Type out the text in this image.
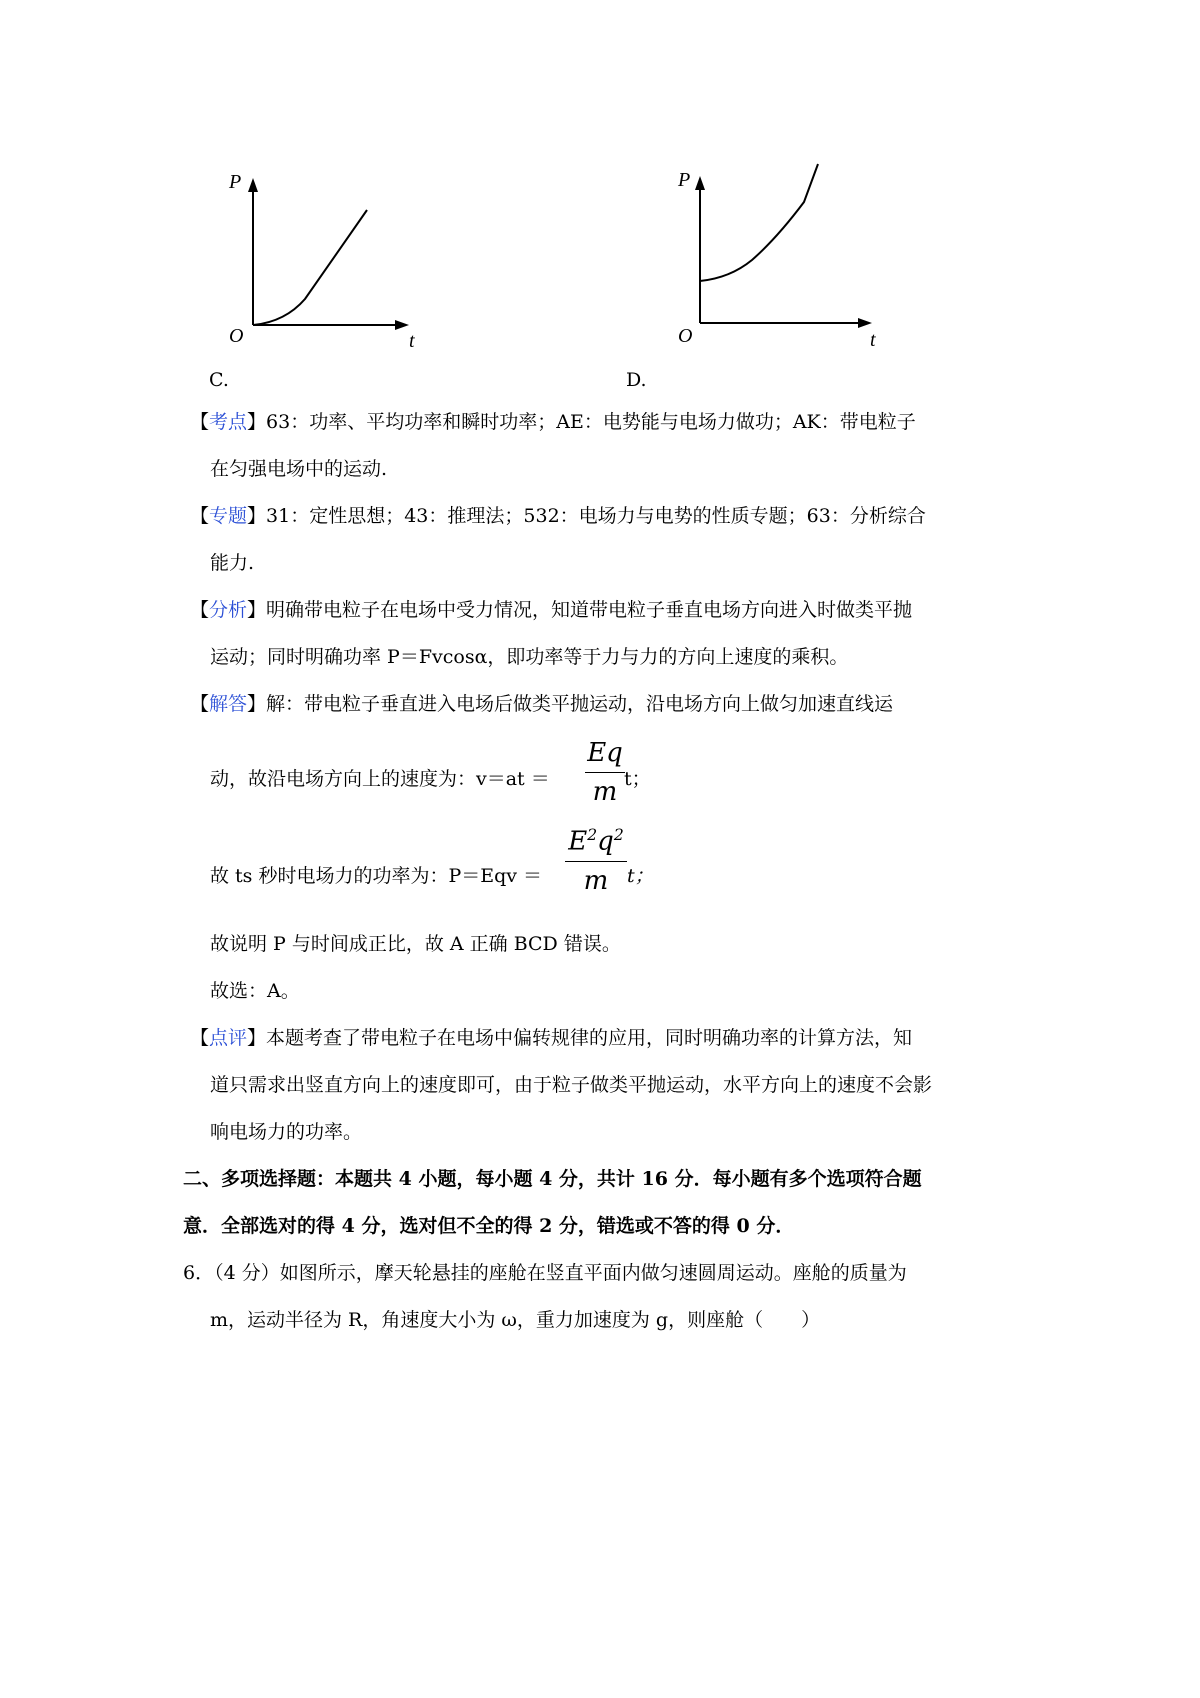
P
t
O
C.
P
t
O
D.
【考点】63：功率、平均功率和瞬时功率；AE：电势能与电场力做功；AK：带电粒子
在匀强电场中的运动.
【专题】31：定性思想；43：推理法；532：电场力与电势的性质专题；63：分析综合
能力.
【分析】明确带电粒子在电场中受力情况，知道带电粒子垂直电场方向进入时做类平抛
运动；同时明确功率 P＝Fvcosα，即功率等于力与力的方向上速度的乘积。
【解答】解：带电粒子垂直进入电场后做类平抛运动，沿电场方向上做匀加速直线运
动，故沿电场方向上的速度为：v＝at ＝
Eq
m t；
故 ts 秒时电场力的功率为：P＝Eqv ＝
$E^2q^2$
m t；
故说明 P 与时间成正比，故 A 正确 BCD 错误。
故选：A。
【点评】本题考查了带电粒子在电场中偏转规律的应用，同时明确功率的计算方法，知
道只需求出竖直方向上的速度即可，由于粒子做类平抛运动，水平方向上的速度不会影
响电场力的功率。
二、多项选择题：本题共 4 小题，每小题 4 分，共计 16 分．每小题有多个选项符合题
意．全部选对的得 4 分，选对但不全的得 2 分，错选或不答的得 0 分．
6．（4 分）如图所示，摩天轮悬挂的座舱在竖直平面内做匀速圆周运动。座舱的质量为
m，运动半径为 R，角速度大小为 ω，重力加速度为 g，则座舱（　　）
